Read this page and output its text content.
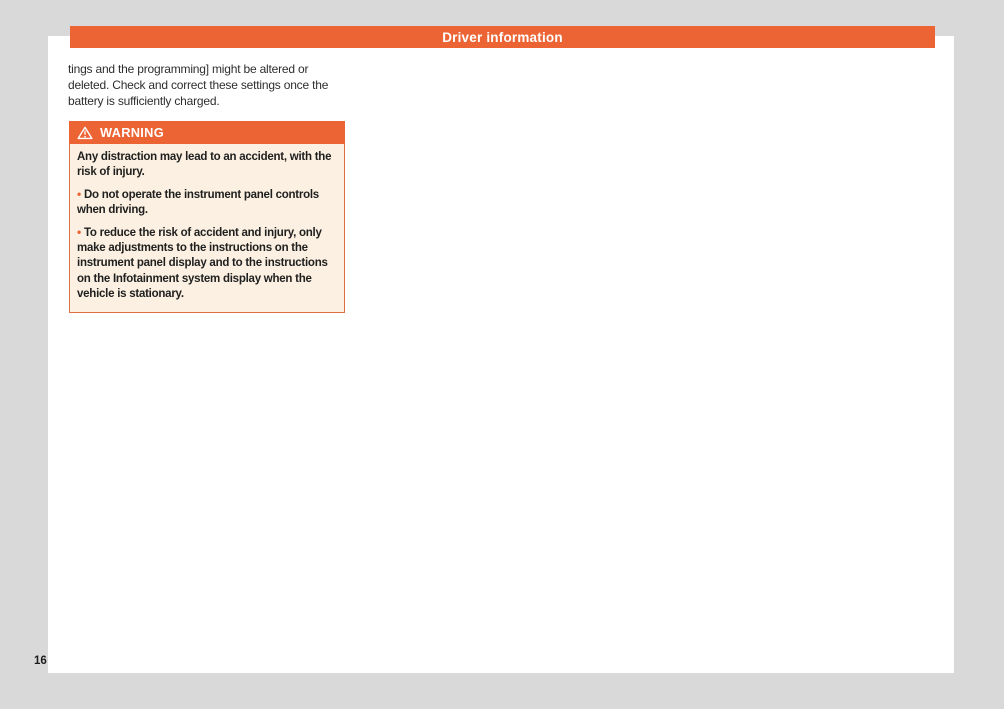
Driver information
tings and the programming] might be altered or deleted. Check and correct these settings once the battery is sufficiently charged.
WARNING

Any distraction may lead to an accident, with the risk of injury.

• Do not operate the instrument panel controls when driving.

• To reduce the risk of accident and injury, only make adjustments to the instructions on the instrument panel display and to the instructions on the Infotainment system display when the vehicle is stationary.

16
